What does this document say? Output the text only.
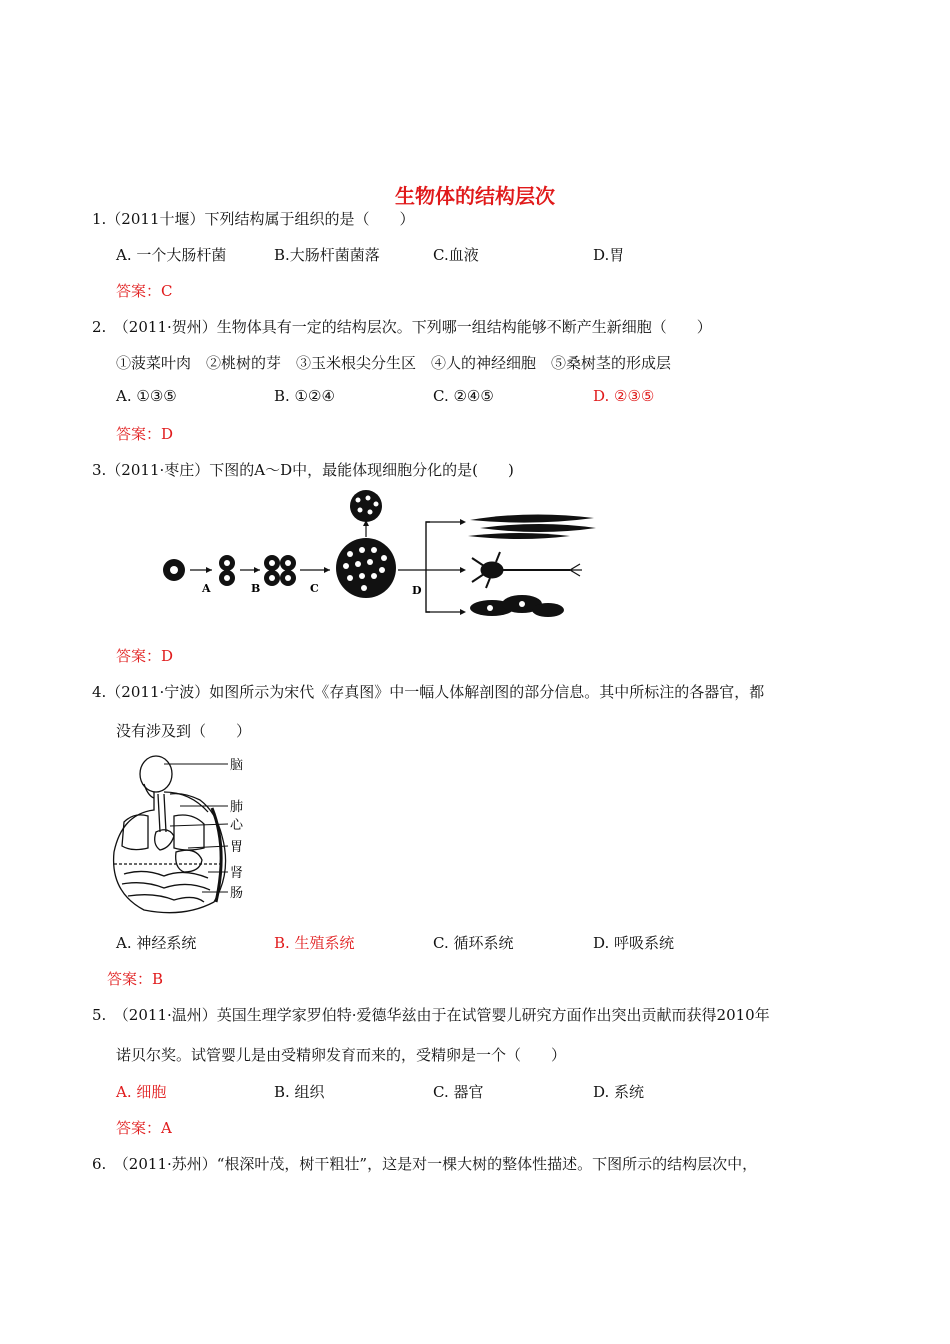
生物体的结构层次
1.（2011十堰）下列结构属于组织的是（　　）
A. 一个大肠杆菌	B.大肠杆菌菌落	C.血液	D.胃
答案：C
2.　（2011·贺州）生物体具有一定的结构层次。下列哪一组结构能够不断产生新细胞（　　）
①菠菜叶肉　②桃树的芽　③玉米根尖分生区　④人的神经细胞　⑤桑树茎的形成层
A. ①③⑤	B. ①②④	C. ②④⑤	D. ②③⑤
答案：D
3.（2011·枣庄）下图的A～D中，最能体现细胞分化的是(　　)
A	B	C	D
答案：D
4.（2011·宁波）如图所示为宋代《存真图》中一幅人体解剖图的部分信息。其中所标注的各器官，都
没有涉及到（　　）
脑
肺
心
胃
肾
肠
A. 神经系统	B. 生殖系统	C. 循环系统	D. 呼吸系统
答案：B
5.　（2011·温州）英国生理学家罗伯特·爱德华兹由于在试管婴儿研究方面作出突出贡献而获得2010年
诺贝尔奖。试管婴儿是由受精卵发育而来的，受精卵是一个（　　）
A. 细胞	B. 组织	C. 器官	D. 系统
答案：A
6.　（2011·苏州）“根深叶茂，树干粗壮”，这是对一棵大树的整体性描述。下图所示的结构层次中，
